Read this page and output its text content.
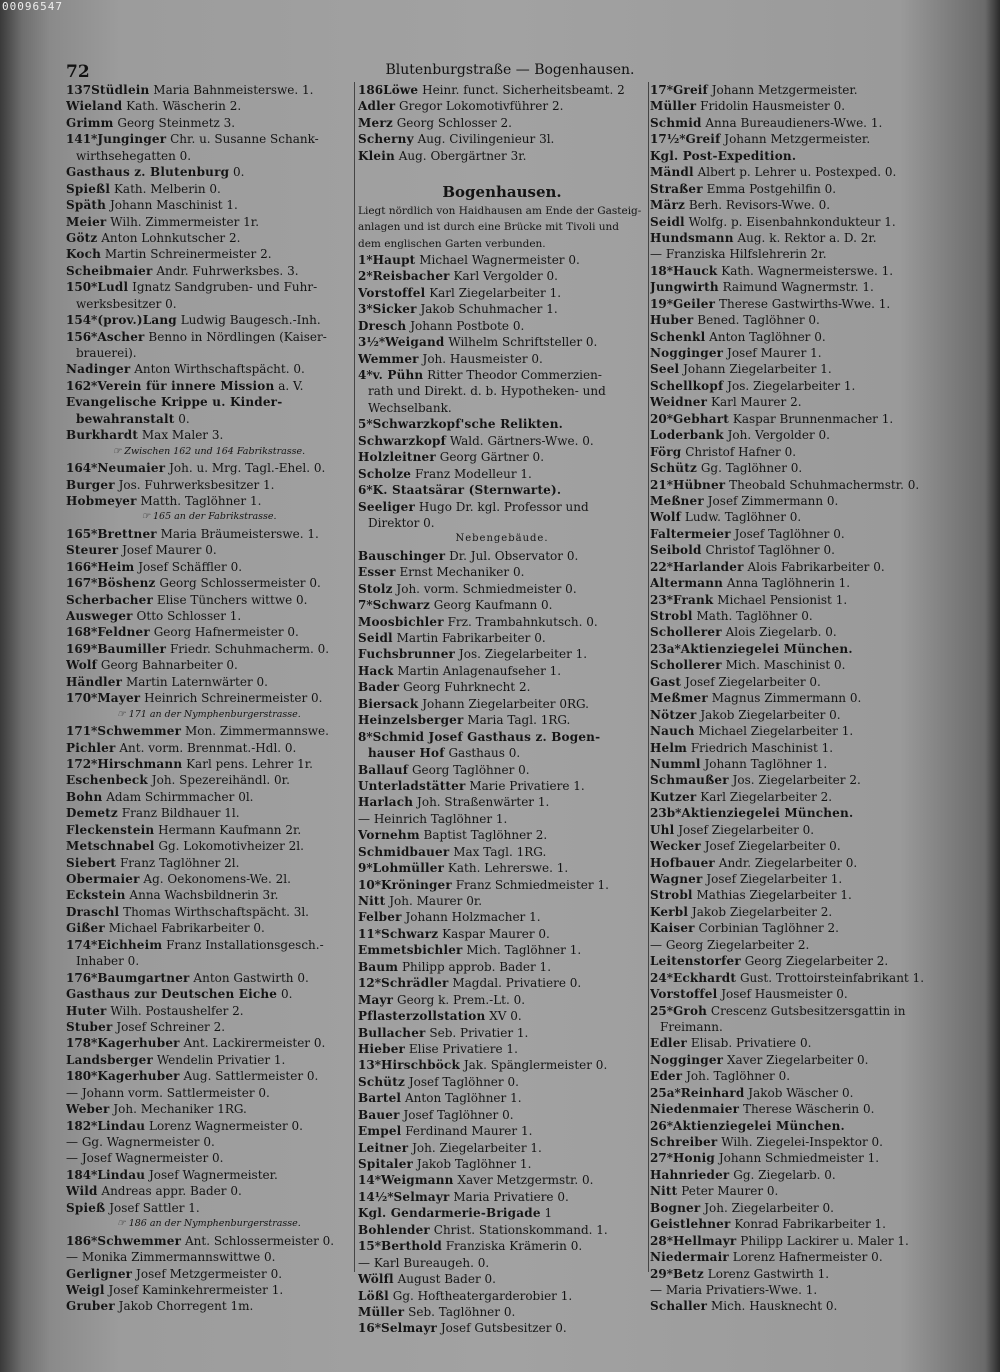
00096547
72	Blutenburgstraße — Bogenhausen.
137Stüdlein Maria Bahnmeisterswe. 1.
Wieland Kath. Wäscherin 2.
Grimm Georg Steinmetz 3.
141*Junginger Chr. u. Susanne Schank-
wirthsehegatten 0.
Gasthaus z. Blutenburg 0.
Spießl Kath. Melberin 0.
Späth Johann Maschinist 1.
Meier Wilh. Zimmermeister 1r.
Götz Anton Lohnkutscher 2.
Koch Martin Schreinermeister 2.
Scheibmaier Andr. Fuhrwerksbes. 3.
150*Ludl Ignatz Sandgruben- und Fuhr-
werksbesitzer 0.
154*(prov.)Lang Ludwig Baugesch.-Inh.
156*Ascher Benno in Nördlingen (Kaiser-
brauerei).
Nadinger Anton Wirthschaftspächt. 0.
162*Verein für innere Mission a. V.
Evangelische Krippe u. Kinder-
bewahranstalt 0.
Burkhardt Max Maler 3.
☞ Zwischen 162 und 164 Fabrikstrasse.
164*Neumaier Joh. u. Mrg. Tagl.-Ehel. 0.
Burger Jos. Fuhrwerksbesitzer 1.
Hobmeyer Matth. Taglöhner 1.
☞ 165 an der Fabrikstrasse.
165*Brettner Maria Bräumeisterswe. 1.
Steurer Josef Maurer 0.
166*Heim Josef Schäffler 0.
167*Böshenz Georg Schlossermeister 0.
Scherbacher Elise Tünchers wittwe 0.
Ausweger Otto Schlosser 1.
168*Feldner Georg Hafnermeister 0.
169*Baumiller Friedr. Schuhmacherm. 0.
Wolf Georg Bahnarbeiter 0.
Händler Martin Laternwärter 0.
170*Mayer Heinrich Schreinermeister 0.
☞ 171 an der Nymphenburgerstrasse.
171*Schwemmer Mon. Zimmermannswe.
Pichler Ant. vorm. Brennmat.-Hdl. 0.
172*Hirschmann Karl pens. Lehrer 1r.
Eschenbeck Joh. Spezereihändl. 0r.
Bohn Adam Schirmmacher 0l.
Demetz Franz Bildhauer 1l.
Fleckenstein Hermann Kaufmann 2r.
Metschnabel Gg. Lokomotivheizer 2l.
Siebert Franz Taglöhner 2l.
Obermaier Ag. Oekonomens-We. 2l.
Eckstein Anna Wachsbildnerin 3r.
Draschl Thomas Wirthschaftspächt. 3l.
Gißer Michael Fabrikarbeiter 0.
174*Eichheim Franz Installationsgesch.-
Inhaber 0.
176*Baumgartner Anton Gastwirth 0.
Gasthaus zur Deutschen Eiche 0.
Huter Wilh. Postaushelfer 2.
Stuber Josef Schreiner 2.
178*Kagerhuber Ant. Lackirermeister 0.
Landsberger Wendelin Privatier 1.
180*Kagerhuber Aug. Sattlermeister 0.
— Johann vorm. Sattlermeister 0.
Weber Joh. Mechaniker 1RG.
182*Lindau Lorenz Wagnermeister 0.
— Gg. Wagnermeister 0.
— Josef Wagnermeister 0.
184*Lindau Josef Wagnermeister.
Wild Andreas appr. Bader 0.
Spieß Josef Sattler 1.
☞ 186 an der Nymphenburgerstrasse.
186*Schwemmer Ant. Schlossermeister 0.
— Monika Zimmermannswittwe 0.
Gerligner Josef Metzgermeister 0.
Weigl Josef Kaminkehrermeister 1.
Gruber Jakob Chorregent 1m.
186Löwe Heinr. funct. Sicherheitsbeamt. 2
Adler Gregor Lokomotivführer 2.
Merz Georg Schlosser 2.
Scherny Aug. Civilingenieur 3l.
Klein Aug. Obergärtner 3r.
Bogenhausen.
Liegt nördlich von Haidhausen am Ende der Gasteig-
anlagen und ist durch eine Brücke mit Tivoli und
dem englischen Garten verbunden.
1*Haupt Michael Wagnermeister 0.
2*Reisbacher Karl Vergolder 0.
Vorstoffel Karl Ziegelarbeiter 1.
3*Sicker Jakob Schuhmacher 1.
Dresch Johann Postbote 0.
3½*Weigand Wilhelm Schriftsteller 0.
Wemmer Joh. Hausmeister 0.
4*v. Pühn Ritter Theodor Commerzien-
rath und Direkt. d. b. Hypotheken- und
Wechselbank.
5*Schwarzkopf'sche Relikten.
Schwarzkopf Wald. Gärtners-Wwe. 0.
Holzleitner Georg Gärtner 0.
Scholze Franz Modelleur 1.
6*K. Staatsärar (Sternwarte).
Seeliger Hugo Dr. kgl. Professor und
Direktor 0.
Nebengebäude.
Bauschinger Dr. Jul. Observator 0.
Esser Ernst Mechaniker 0.
Stolz Joh. vorm. Schmiedmeister 0.
7*Schwarz Georg Kaufmann 0.
Moosbichler Frz. Trambahnkutsch. 0.
Seidl Martin Fabrikarbeiter 0.
Fuchsbrunner Jos. Ziegelarbeiter 1.
Hack Martin Anlagenaufseher 1.
Bader Georg Fuhrknecht 2.
Biersack Johann Ziegelarbeiter 0RG.
Heinzelsberger Maria Tagl. 1RG.
8*Schmid Josef Gasthaus z. Bogen-
hauser Hof Gasthaus 0.
Ballauf Georg Taglöhner 0.
Unterladstätter Marie Privatiere 1.
Harlach Joh. Straßenwärter 1.
— Heinrich Taglöhner 1.
Vornehm Baptist Taglöhner 2.
Schmidbauer Max Tagl. 1RG.
9*Lohmüller Kath. Lehrerswe. 1.
10*Kröninger Franz Schmiedmeister 1.
Nitt Joh. Maurer 0r.
Felber Johann Holzmacher 1.
11*Schwarz Kaspar Maurer 0.
Emmetsbichler Mich. Taglöhner 1.
Baum Philipp approb. Bader 1.
12*Schrädler Magdal. Privatiere 0.
Mayr Georg k. Prem.-Lt. 0.
Pflasterzollstation XV 0.
Bullacher Seb. Privatier 1.
Hieber Elise Privatiere 1.
13*Hirschböck Jak. Spänglermeister 0.
Schütz Josef Taglöhner 0.
Bartel Anton Taglöhner 1.
Bauer Josef Taglöhner 0.
Empel Ferdinand Maurer 1.
Leitner Joh. Ziegelarbeiter 1.
Spitaler Jakob Taglöhner 1.
14*Weigmann Xaver Metzgermstr. 0.
14½*Selmayr Maria Privatiere 0.
Kgl. Gendarmerie-Brigade 1
Bohlender Christ. Stationskommand. 1.
15*Berthold Franziska Krämerin 0.
— Karl Bureaugeh. 0.
Wölfl August Bader 0.
Lößl Gg. Hoftheatergarderobier 1.
Müller Seb. Taglöhner 0.
16*Selmayr Josef Gutsbesitzer 0.
17*Greif Johann Metzgermeister.
Müller Fridolin Hausmeister 0.
Schmid Anna Bureaudieners-Wwe. 1.
17½*Greif Johann Metzgermeister.
Kgl. Post-Expedition.
Mändl Albert p. Lehrer u. Postexped. 0.
Straßer Emma Postgehilfin 0.
März Berh. Revisors-Wwe. 0.
Seidl Wolfg. p. Eisenbahnkondukteur 1.
Hundsmann Aug. k. Rektor a. D. 2r.
— Franziska Hilfslehrerin 2r.
18*Hauck Kath. Wagnermeisterswe. 1.
Jungwirth Raimund Wagnermstr. 1.
19*Geiler Therese Gastwirths-Wwe. 1.
Huber Bened. Taglöhner 0.
Schenkl Anton Taglöhner 0.
Nogginger Josef Maurer 1.
Seel Johann Ziegelarbeiter 1.
Schellkopf Jos. Ziegelarbeiter 1.
Weidner Karl Maurer 2.
20*Gebhart Kaspar Brunnenmacher 1.
Loderbank Joh. Vergolder 0.
Förg Christof Hafner 0.
Schütz Gg. Taglöhner 0.
21*Hübner Theobald Schuhmachermstr. 0.
Meßner Josef Zimmermann 0.
Wolf Ludw. Taglöhner 0.
Faltermeier Josef Taglöhner 0.
Seibold Christof Taglöhner 0.
22*Harlander Alois Fabrikarbeiter 0.
Altermann Anna Taglöhnerin 1.
23*Frank Michael Pensionist 1.
Strobl Math. Taglöhner 0.
Schollerer Alois Ziegelarb. 0.
23a*Aktienziegelei München.
Schollerer Mich. Maschinist 0.
Gast Josef Ziegelarbeiter 0.
Meßmer Magnus Zimmermann 0.
Nötzer Jakob Ziegelarbeiter 0.
Nauch Michael Ziegelarbeiter 1.
Helm Friedrich Maschinist 1.
Numml Johann Taglöhner 1.
Schmaußer Jos. Ziegelarbeiter 2.
Kutzer Karl Ziegelarbeiter 2.
23b*Aktienziegelei München.
Uhl Josef Ziegelarbeiter 0.
Wecker Josef Ziegelarbeiter 0.
Hofbauer Andr. Ziegelarbeiter 0.
Wagner Josef Ziegelarbeiter 1.
Strobl Mathias Ziegelarbeiter 1.
Kerbl Jakob Ziegelarbeiter 2.
Kaiser Corbinian Taglöhner 2.
— Georg Ziegelarbeiter 2.
Leitenstorfer Georg Ziegelarbeiter 2.
24*Eckhardt Gust. Trottoirsteinfabrikant 1.
Vorstoffel Josef Hausmeister 0.
25*Groh Crescenz Gutsbesitzersgattin in
Freimann.
Edler Elisab. Privatiere 0.
Nogginger Xaver Ziegelarbeiter 0.
Eder Joh. Taglöhner 0.
25a*Reinhard Jakob Wäscher 0.
Niedenmaier Therese Wäscherin 0.
26*Aktienziegelei München.
Schreiber Wilh. Ziegelei-Inspektor 0.
27*Honig Johann Schmiedmeister 1.
Hahnrieder Gg. Ziegelarb. 0.
Nitt Peter Maurer 0.
Bogner Joh. Ziegelarbeiter 0.
Geistlehner Konrad Fabrikarbeiter 1.
28*Hellmayr Philipp Lackirer u. Maler 1.
Niedermair Lorenz Hafnermeister 0.
29*Betz Lorenz Gastwirth 1.
— Maria Privatiers-Wwe. 1.
Schaller Mich. Hausknecht 0.
